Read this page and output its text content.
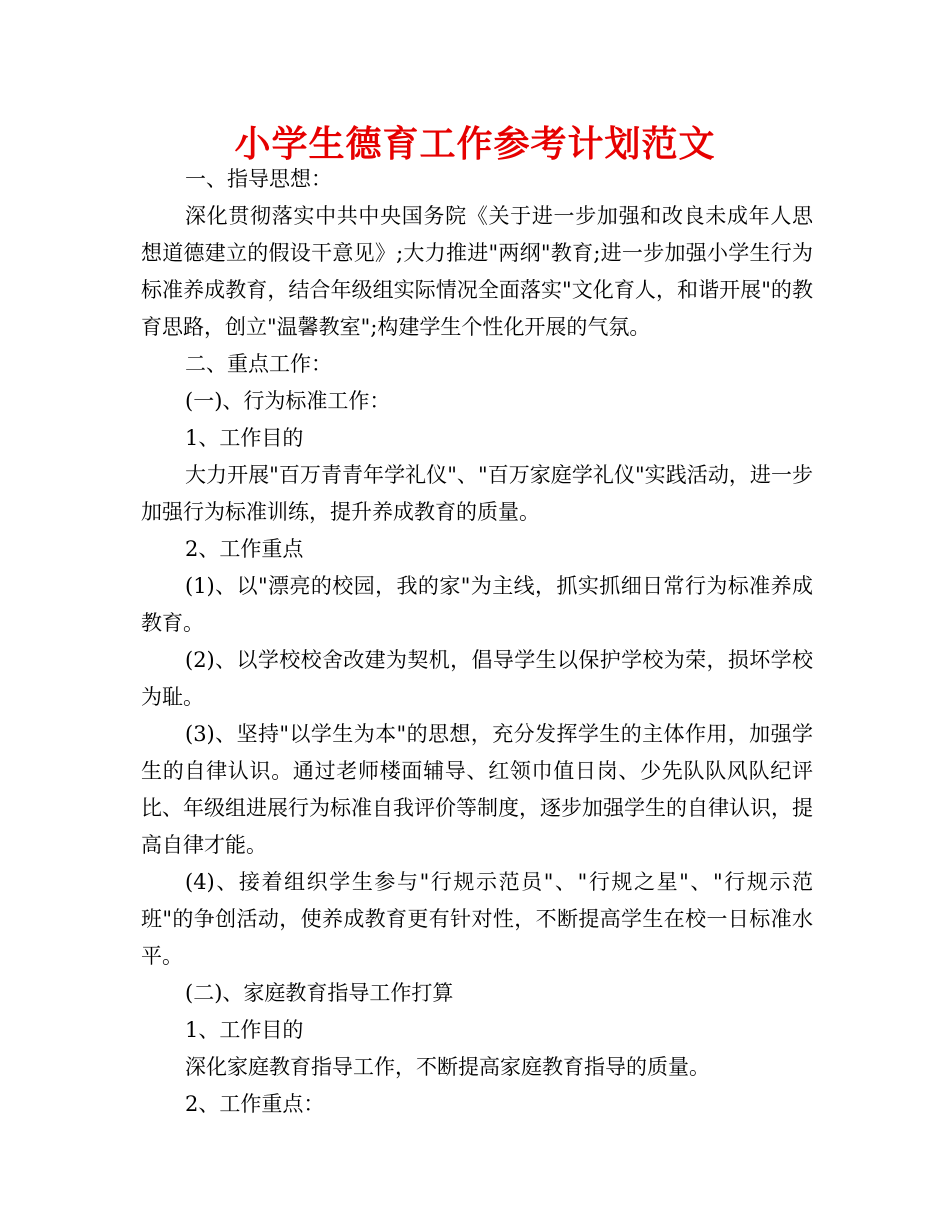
小学生德育工作参考计划范文

一、指导思想：

深化贯彻落实中共中央国务院《关于进一步加强和改良未成年人思想道德建立的假设干意见》;大力推进"两纲"教育;进一步加强小学生行为标准养成教育，结合年级组实际情况全面落实"文化育人，和谐开展"的教育思路，创立"温馨教室";构建学生个性化开展的气氛。

二、重点工作：

(一)、行为标准工作：

1、工作目的

大力开展"百万青青年学礼仪"、"百万家庭学礼仪"实践活动，进一步加强行为标准训练，提升养成教育的质量。

2、工作重点

(1)、以"漂亮的校园，我的家"为主线，抓实抓细日常行为标准养成教育。

(2)、以学校校舍改建为契机，倡导学生以保护学校为荣，损坏学校为耻。

(3)、坚持"以学生为本"的思想，充分发挥学生的主体作用，加强学生的自律认识。通过老师楼面辅导、红领巾值日岗、少先队队风队纪评比、年级组进展行为标准自我评价等制度，逐步加强学生的自律认识，提高自律才能。

(4)、接着组织学生参与"行规示范员"、"行规之星"、"行规示范班"的争创活动，使养成教育更有针对性，不断提高学生在校一日标准水平。

(二)、家庭教育指导工作打算

1、工作目的

深化家庭教育指导工作，不断提高家庭教育指导的质量。

2、工作重点：
